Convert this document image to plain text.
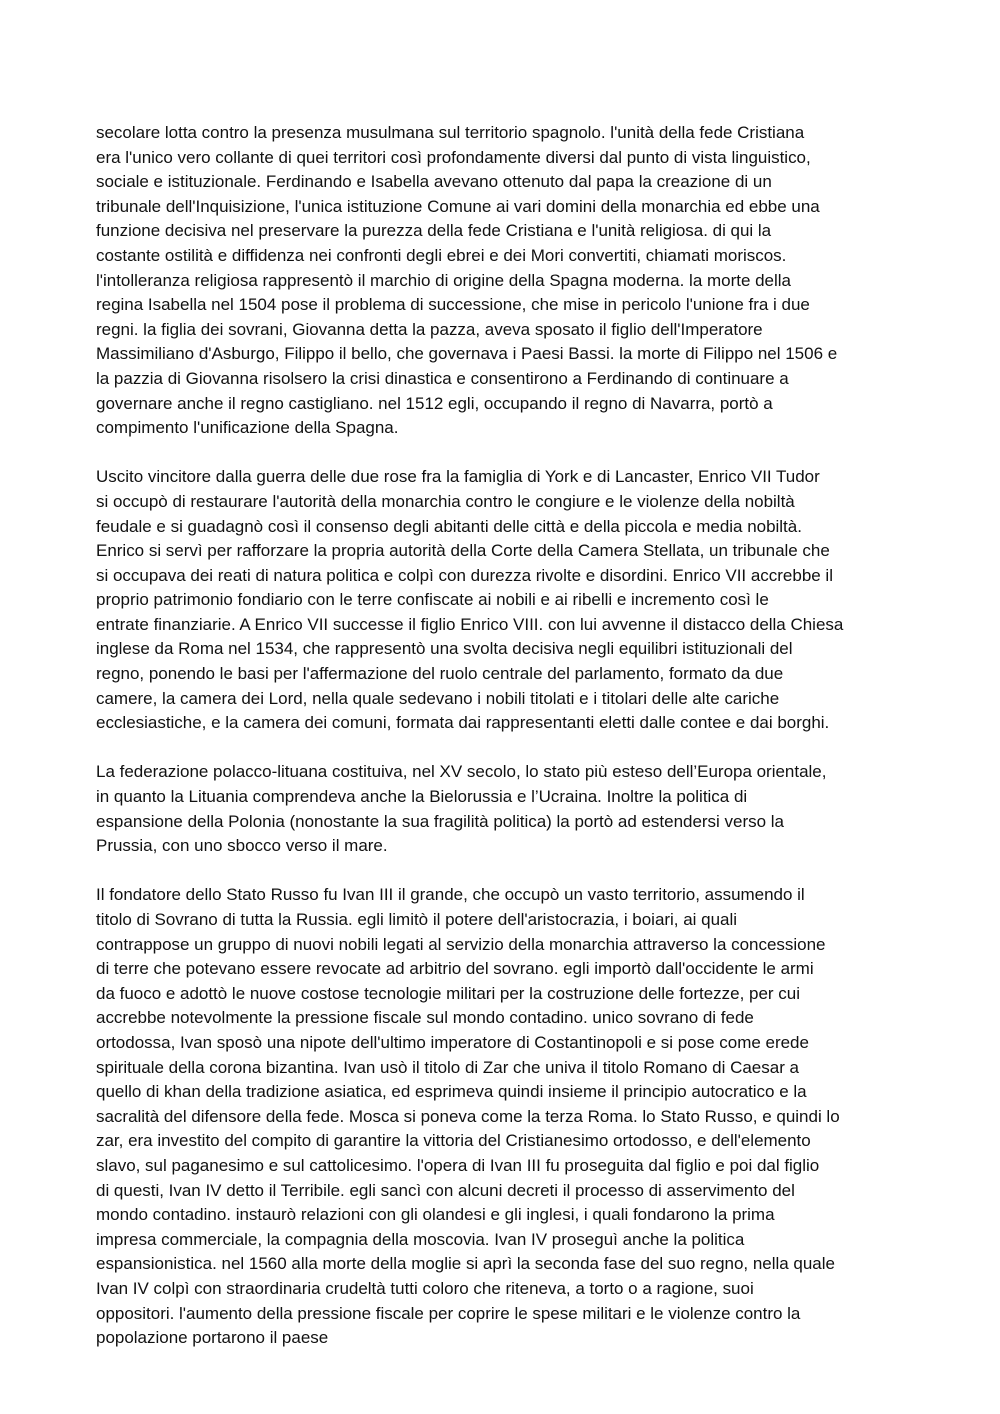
secolare lotta contro la presenza musulmana sul territorio spagnolo. l'unità della fede Cristiana
era l'unico vero collante di quei territori così profondamente diversi dal punto di vista linguistico,
sociale e istituzionale. Ferdinando e Isabella avevano ottenuto dal papa la creazione di un
tribunale dell'Inquisizione, l'unica istituzione Comune ai vari domini della monarchia ed ebbe una
funzione decisiva nel preservare la purezza della fede Cristiana e l'unità religiosa. di qui la
costante ostilità e diffidenza nei confronti degli ebrei e dei Mori convertiti, chiamati moriscos.
l'intolleranza religiosa rappresentò il marchio di origine della Spagna moderna. la morte della
regina Isabella nel 1504 pose il problema di successione, che mise in pericolo l'unione fra i due
regni. la figlia dei sovrani, Giovanna detta la pazza, aveva sposato il figlio dell'Imperatore
Massimiliano d'Asburgo, Filippo il bello, che governava i Paesi Bassi. la morte di Filippo nel 1506 e
la pazzia di Giovanna risolsero la crisi dinastica e consentirono a Ferdinando di continuare a
governare anche il regno castigliano. nel 1512 egli, occupando il regno di Navarra, portò a
compimento l'unificazione della Spagna.
Uscito vincitore dalla guerra delle due rose fra la famiglia di York e di Lancaster, Enrico VII Tudor
si occupò di restaurare l'autorità della monarchia contro le congiure e le violenze della nobiltà
feudale e si guadagnò così il consenso degli abitanti delle città e della piccola e media nobiltà.
Enrico si servì per rafforzare la propria autorità della Corte della Camera Stellata, un tribunale che
si occupava dei reati di natura politica e colpì con durezza rivolte e disordini. Enrico VII accrebbe il
proprio patrimonio fondiario con le terre confiscate ai nobili e ai ribelli e incremento così le
entrate finanziarie. A Enrico VII successe il figlio Enrico VIII. con lui avvenne il distacco della Chiesa
inglese da Roma nel 1534, che rappresentò una svolta decisiva negli equilibri istituzionali del
regno, ponendo le basi per l'affermazione del ruolo centrale del parlamento, formato da due
camere, la camera dei Lord, nella quale sedevano i nobili titolati e i titolari delle alte cariche
ecclesiastiche, e la camera dei comuni, formata dai rappresentanti eletti dalle contee e dai borghi.
La federazione polacco-lituana costituiva, nel XV secolo, lo stato più esteso dell’Europa orientale,
in quanto la Lituania comprendeva anche la Bielorussia e l’Ucraina. Inoltre la politica di
espansione della Polonia (nonostante la sua fragilità politica) la portò ad estendersi verso la
Prussia, con uno sbocco verso il mare.
Il fondatore dello Stato Russo fu Ivan III il grande, che occupò un vasto territorio, assumendo il
titolo di Sovrano di tutta la Russia. egli limitò il potere dell'aristocrazia, i boiari, ai quali
contrappose un gruppo di nuovi nobili legati al servizio della monarchia attraverso la concessione
di terre che potevano essere revocate ad arbitrio del sovrano. egli importò dall'occidente le armi
da fuoco e adottò le nuove costose tecnologie militari per la costruzione delle fortezze, per cui
accrebbe notevolmente la pressione fiscale sul mondo contadino. unico sovrano di fede
ortodossa, Ivan sposò una nipote dell'ultimo imperatore di Costantinopoli e si pose come erede
spirituale della corona bizantina. Ivan usò il titolo di Zar che univa il titolo Romano di Caesar a
quello di khan della tradizione asiatica, ed esprimeva quindi insieme il principio autocratico e la
sacralità del difensore della fede. Mosca si poneva come la terza Roma. lo Stato Russo, e quindi lo
zar, era investito del compito di garantire la vittoria del Cristianesimo ortodosso, e dell'elemento
slavo, sul paganesimo e sul cattolicesimo. l'opera di Ivan III fu proseguita dal figlio e poi dal figlio
di questi, Ivan IV detto il Terribile. egli sancì con alcuni decreti il processo di asservimento del
mondo contadino. instaurò relazioni con gli olandesi e gli inglesi, i quali fondarono la prima
impresa commerciale, la compagnia della moscovia. Ivan IV proseguì anche la politica
espansionistica. nel 1560 alla morte della moglie si aprì la seconda fase del suo regno, nella quale
Ivan IV colpì con straordinaria crudeltà tutti coloro che riteneva, a torto o a ragione, suoi
oppositori. l'aumento della pressione fiscale per coprire le spese militari e le violenze contro la
popolazione portarono il paese
